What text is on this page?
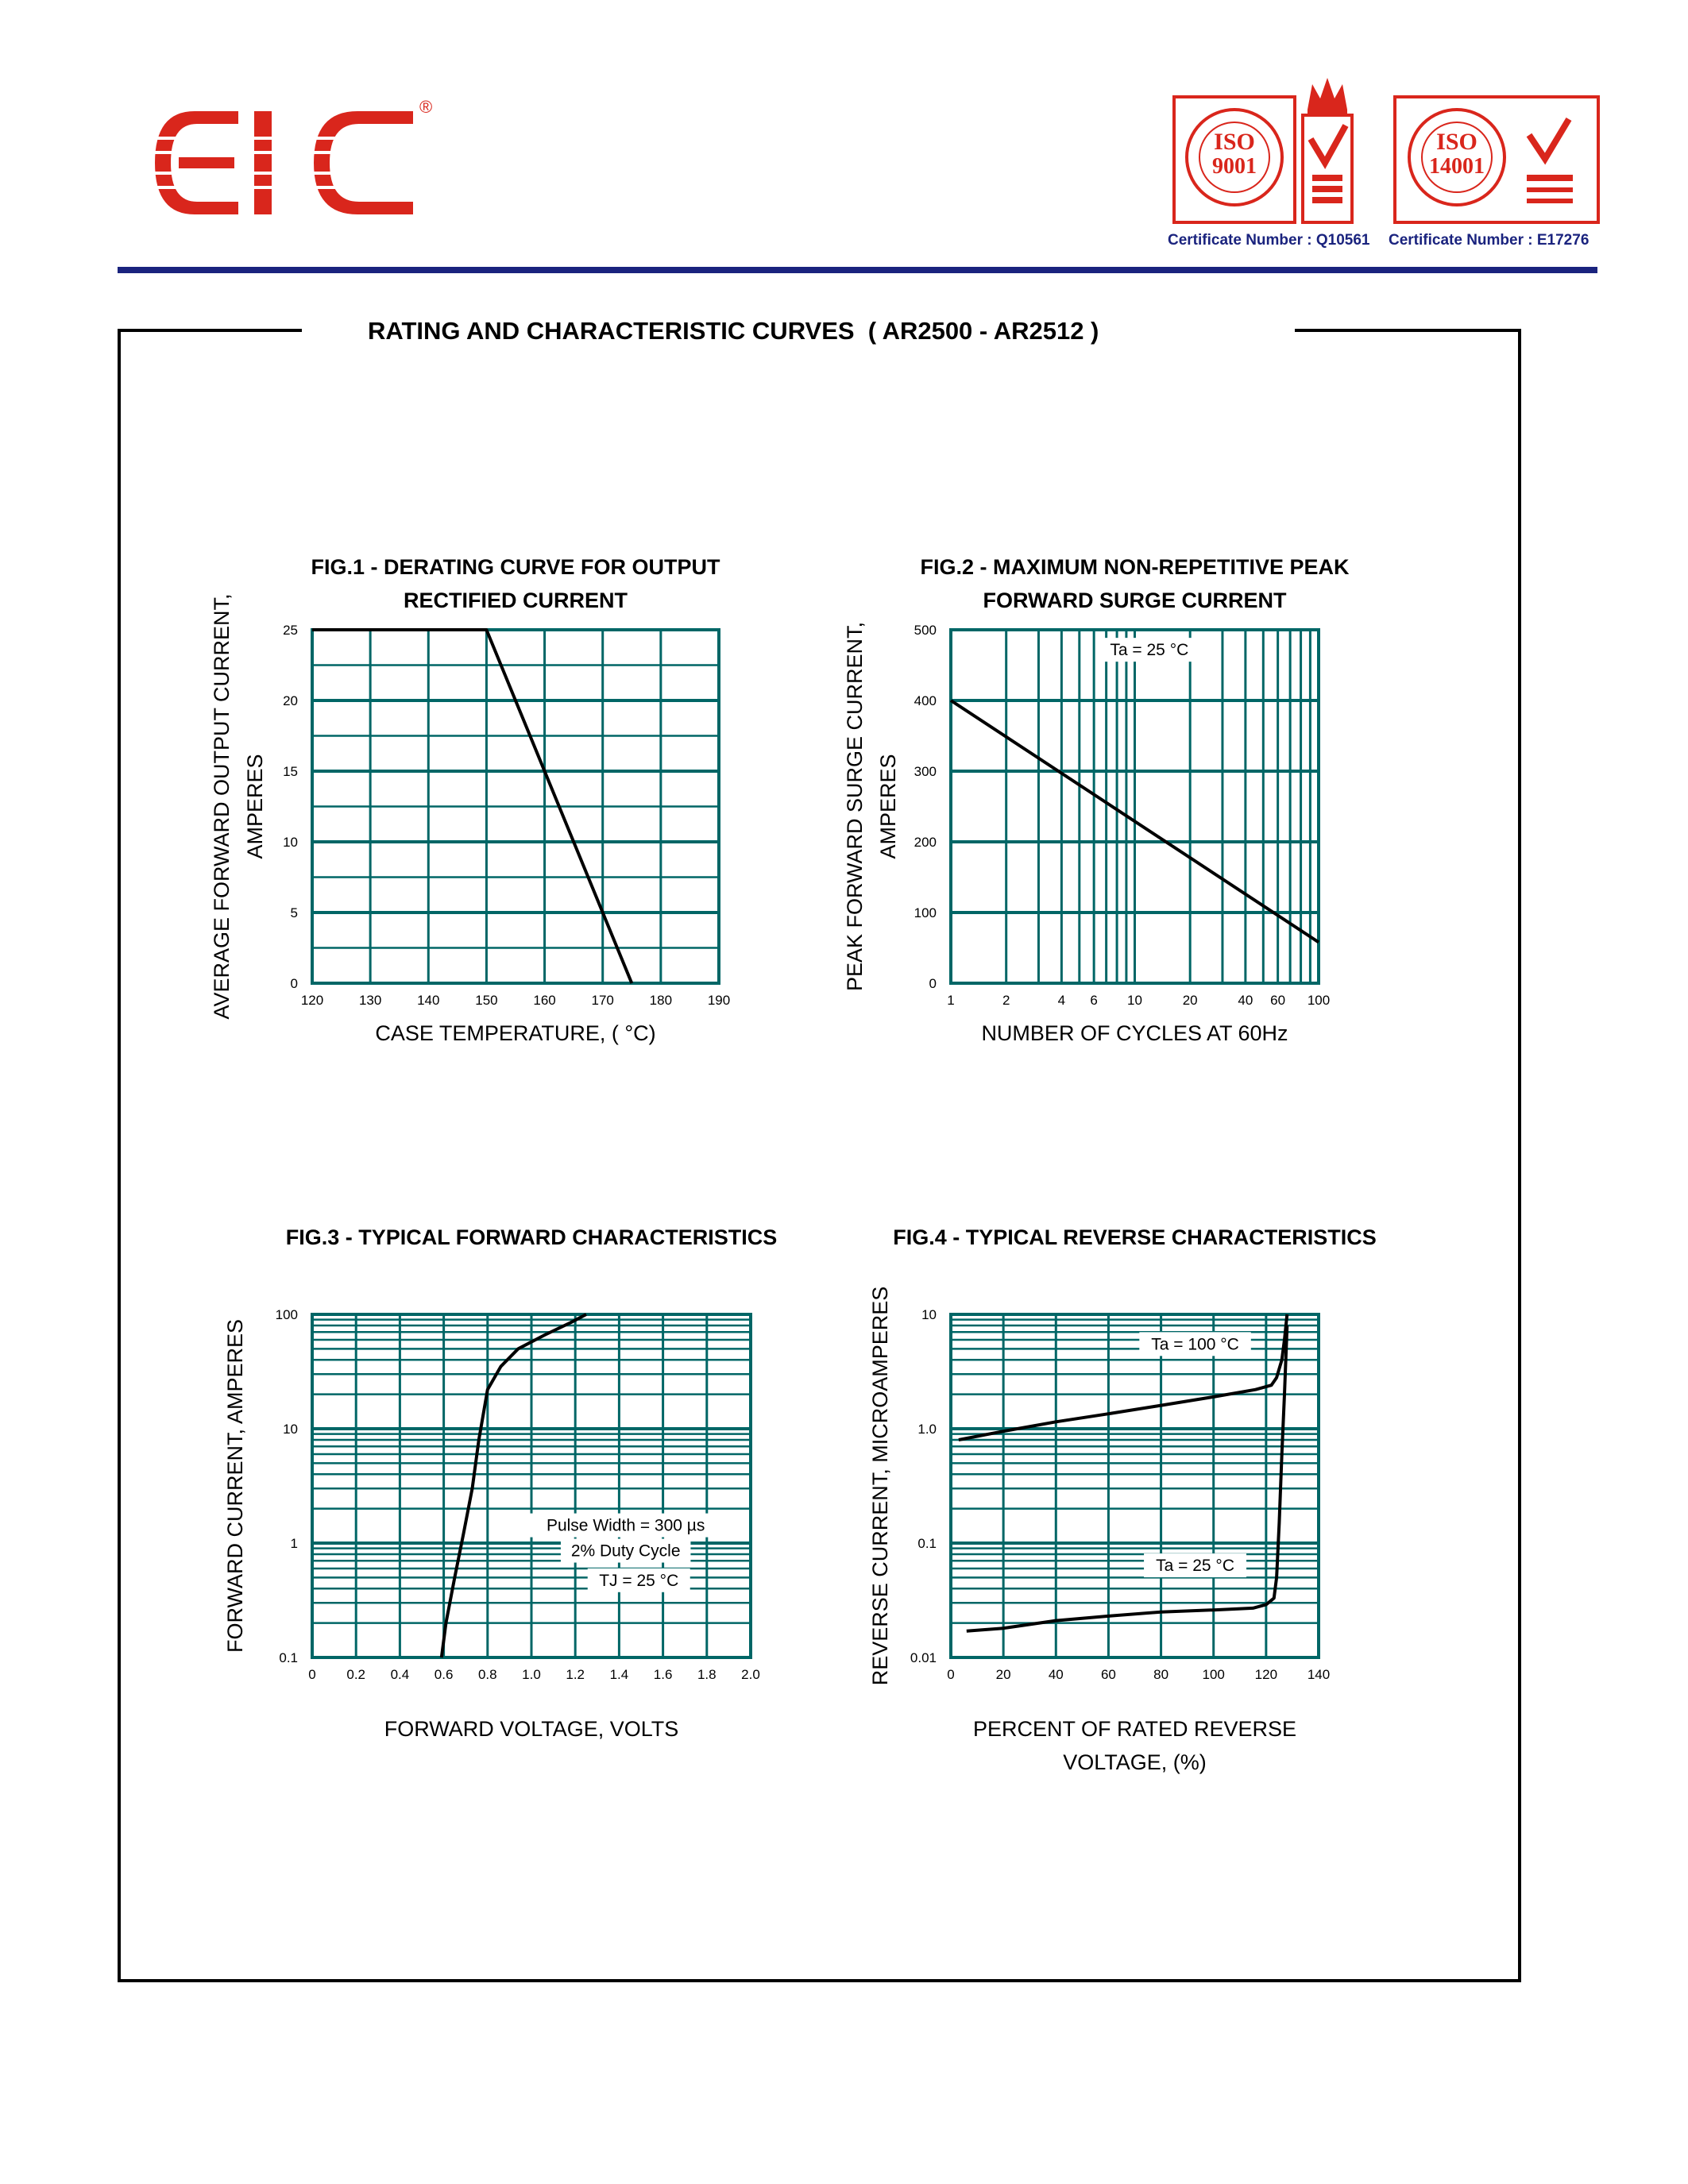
®
ISO
9001
Certificate Number : Q10561
ISO
14001
Certificate Number : E17276
RATING AND CHARACTERISTIC CURVES  ( AR2500 - AR2512 )
FIG.1 - DERATING CURVE FOR OUTPUT
RECTIFIED CURRENT
120	130	140	150	160	170	180	190
0
5
10
15
20
25
CASE TEMPERATURE, ( °C)
AVERAGE FORWARD OUTPUT CURRENT, AMPERES
FIG.2 - MAXIMUM NON-REPETITIVE PEAK
FORWARD SURGE CURRENT
1	2	4 6 10	20	40 60 100
0
100
200
300
400
500
NUMBER OF CYCLES AT 60Hz
PEAK FORWARD SURGE CURRENT, AMPERES
Ta = 25 °C
FIG.3 - TYPICAL FORWARD CHARACTERISTICS
0 0.2 0.4 0.6 0.8 1.0 1.2 1.4 1.6 1.8 2.0
0.1
1
10
100
FORWARD VOLTAGE, VOLTS
FORWARD CURRENT, AMPERES	Pulse Width = 300 µs
2% Duty Cycle
TJ = 25 °C
FIG.4 - TYPICAL REVERSE CHARACTERISTICS
0	20	40	60	80 100 120 140
0.01
0.1
1.0
10
PERCENT OF RATED REVERSE
VOLTAGE, (%)
REVERSE CURRENT, MICROAMPERES	Ta = 100 °C
Ta = 25 °C
